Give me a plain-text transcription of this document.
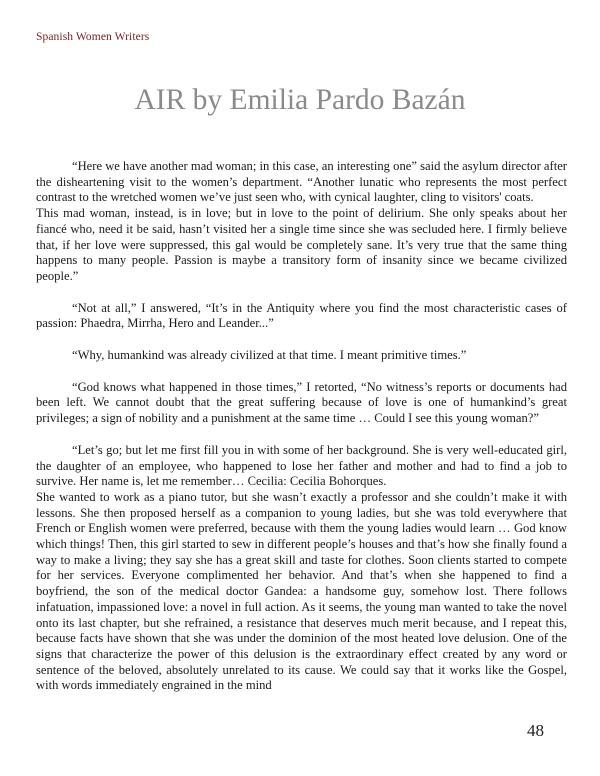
Spanish Women Writers
AIR by Emilia Pardo Bazán

“Here we have another mad woman; in this case, an interesting one” said the asylum director after the disheartening visit to the women’s department. “Another lunatic who represents the most perfect contrast to the wretched women we’ve just seen who, with cynical laughter, cling to visitors' coats.

This mad woman, instead, is in love; but in love to the point of delirium. She only speaks about her fiancé who, need it be said, hasn’t visited her a single time since she was secluded here. I firmly believe that, if her love were suppressed, this gal would be completely sane. It’s very true that the same thing happens to many people. Passion is maybe a transitory form of insanity since we became civilized people.”

“Not at all,” I answered, “It’s in the Antiquity where you find the most characteristic cases of passion: Phaedra, Mirrha, Hero and Leander...”

“Why, humankind was already civilized at that time. I meant primitive times.”

“God knows what happened in those times,” I retorted, “No witness’s reports or documents had been left. We cannot doubt that the great suffering because of love is one of humankind’s great privileges; a sign of nobility and a punishment at the same time … Could I see this young woman?”

“Let’s go; but let me first fill you in with some of her background. She is very well-educated girl, the daughter of an employee, who happened to lose her father and mother and had to find a job to survive. Her name is, let me remember… Cecilia: Cecilia Bohorques.

She wanted to work as a piano tutor, but she wasn’t exactly a professor and she couldn’t make it with lessons. She then proposed herself as a companion to young ladies, but she was told everywhere that French or English women were preferred, because with them the young ladies would learn … God know which things! Then, this girl started to sew in different people’s houses and that’s how she finally found a way to make a living; they say she has a great skill and taste for clothes. Soon clients started to compete for her services. Everyone complimented her behavior. And that’s when she happened to find a boyfriend, the son of the medical doctor Gandea: a handsome guy, somehow lost. There follows infatuation, impassioned love: a novel in full action. As it seems, the young man wanted to take the novel onto its last chapter, but she refrained, a resistance that deserves much merit because, and I repeat this, because facts have shown that she was under the dominion of the most heated love delusion. One of the signs that characterize the power of this delusion is the extraordinary effect created by any word or sentence of the beloved, absolutely unrelated to its cause. We could say that it works like the Gospel, with words immediately engrained in the mind

48
